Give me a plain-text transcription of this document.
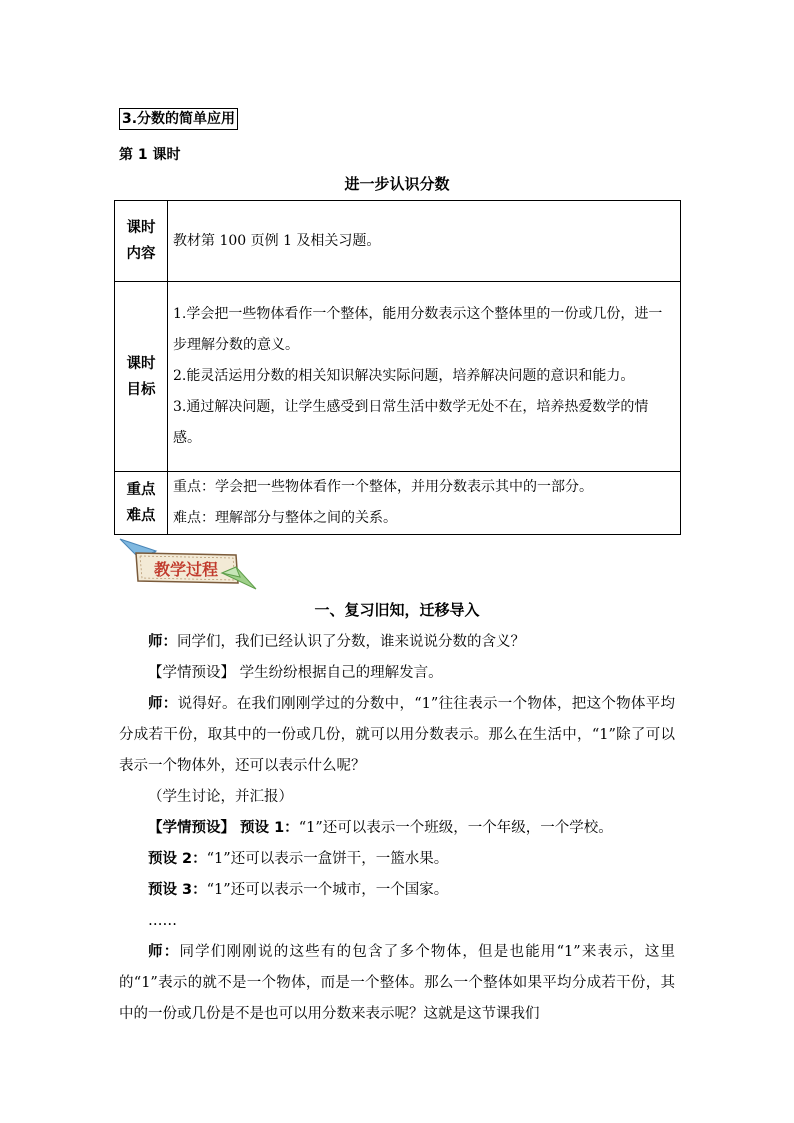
3.分数的简单应用
第 1 课时
进一步认识分数
课时
内容	教材第 100 页例 1 及相关习题。
课时
目标	1.学会把一些物体看作一个整体，能用分数表示这个整体里的一份或几份，进一步理解分数的意义。
2.能灵活运用分数的相关知识解决实际问题，培养解决问题的意识和能力。
3.通过解决问题，让学生感受到日常生活中数学无处不在，培养热爱数学的情感。

重点
难点	重点：学会把一些物体看作一个整体，并用分数表示其中的一部分。
难点：理解部分与整体之间的关系。
教学过程
一、复习旧知，迁移导入

师：同学们，我们已经认识了分数，谁来说说分数的含义？

【学情预设】 学生纷纷根据自己的理解发言。

师：说得好。在我们刚刚学过的分数中，“1”往往表示一个物体，把这个物体平均分成若干份，取其中的一份或几份，就可以用分数表示。那么在生活中，“1”除了可以表示一个物体外，还可以表示什么呢？

（学生讨论，并汇报）

【学情预设】 预设 1：“1”还可以表示一个班级，一个年级，一个学校。

预设 2：“1”还可以表示一盒饼干，一篮水果。

预设 3：“1”还可以表示一个城市，一个国家。

……

师：同学们刚刚说的这些有的包含了多个物体，但是也能用“1”来表示，这里的“1”表示的就不是一个物体，而是一个整体。那么一个整体如果平均分成若干份，其中的一份或几份是不是也可以用分数来表示呢？这就是这节课我们
